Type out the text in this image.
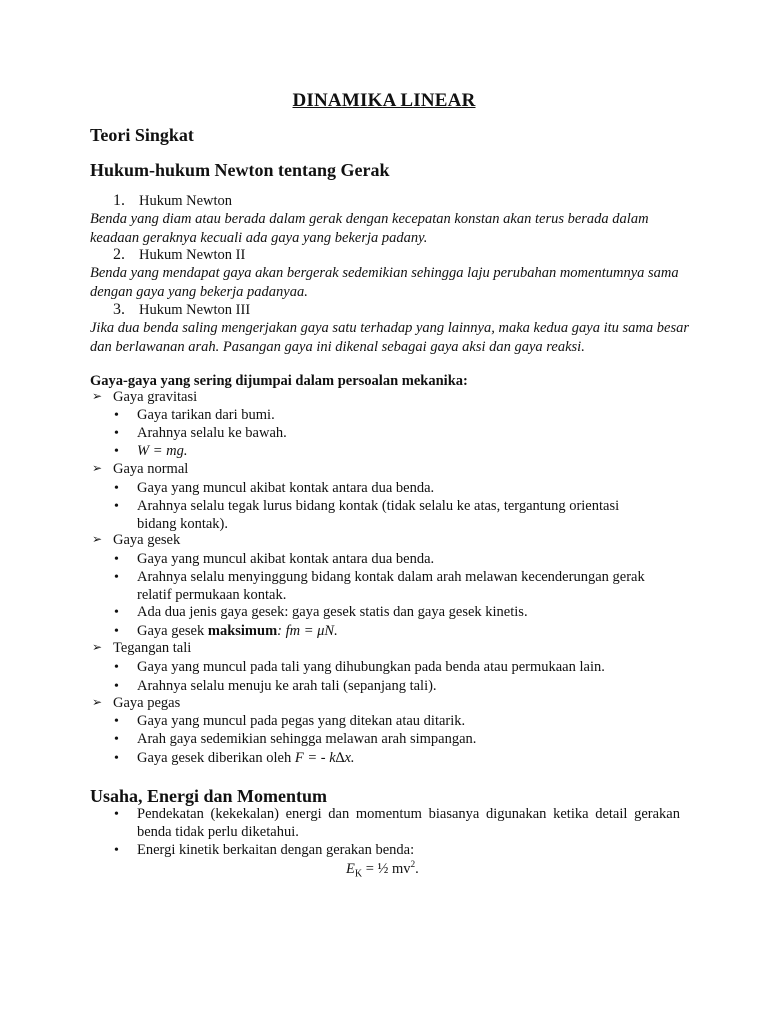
DINAMIKA LINEAR
Teori Singkat
Hukum-hukum Newton tentang Gerak
1. Hukum Newton
Benda yang diam atau berada dalam gerak dengan kecepatan konstan akan terus berada dalam keadaan geraknya kecuali ada gaya yang bekerja padany.
2. Hukum Newton II
Benda yang mendapat gaya akan bergerak sedemikian sehingga laju perubahan momentumnya sama dengan gaya yang bekerja padanyaa.
3. Hukum Newton III
Jika dua benda saling mengerjakan gaya satu terhadap yang lainnya, maka kedua gaya itu sama besar dan berlawanan arah. Pasangan gaya ini dikenal sebagai gaya aksi dan gaya reaksi.
Gaya-gaya yang sering dijumpai dalam persoalan mekanika:
➢ Gaya gravitasi
• Gaya tarikan dari bumi.
• Arahnya selalu ke bawah.
• W = mg.
➢ Gaya normal
• Gaya yang muncul akibat kontak antara dua benda.
• Arahnya selalu tegak lurus bidang kontak (tidak selalu ke atas, tergantung orientasi bidang kontak).
➢ Gaya gesek
• Gaya yang muncul akibat kontak antara dua benda.
• Arahnya selalu menyinggung bidang kontak dalam arah melawan kecenderungan gerak relatif permukaan kontak.
• Ada dua jenis gaya gesek: gaya gesek statis dan gaya gesek kinetis.
• Gaya gesek maksimum: fm = μN.
➢ Tegangan tali
• Gaya yang muncul pada tali yang dihubungkan pada benda atau permukaan lain.
• Arahnya selalu menuju ke arah tali (sepanjang tali).
➢ Gaya pegas
• Gaya yang muncul pada pegas yang ditekan atau ditarik.
• Arah gaya sedemikian sehingga melawan arah simpangan.
• Gaya gesek diberikan oleh F = - k∆x.
Usaha, Energi dan Momentum
• Pendekatan (kekekalan) energi dan momentum biasanya digunakan ketika detail gerakan benda tidak perlu diketahui.
• Energi kinetik berkaitan dengan gerakan benda:
$E_K$ = ½ $mv^2$.
